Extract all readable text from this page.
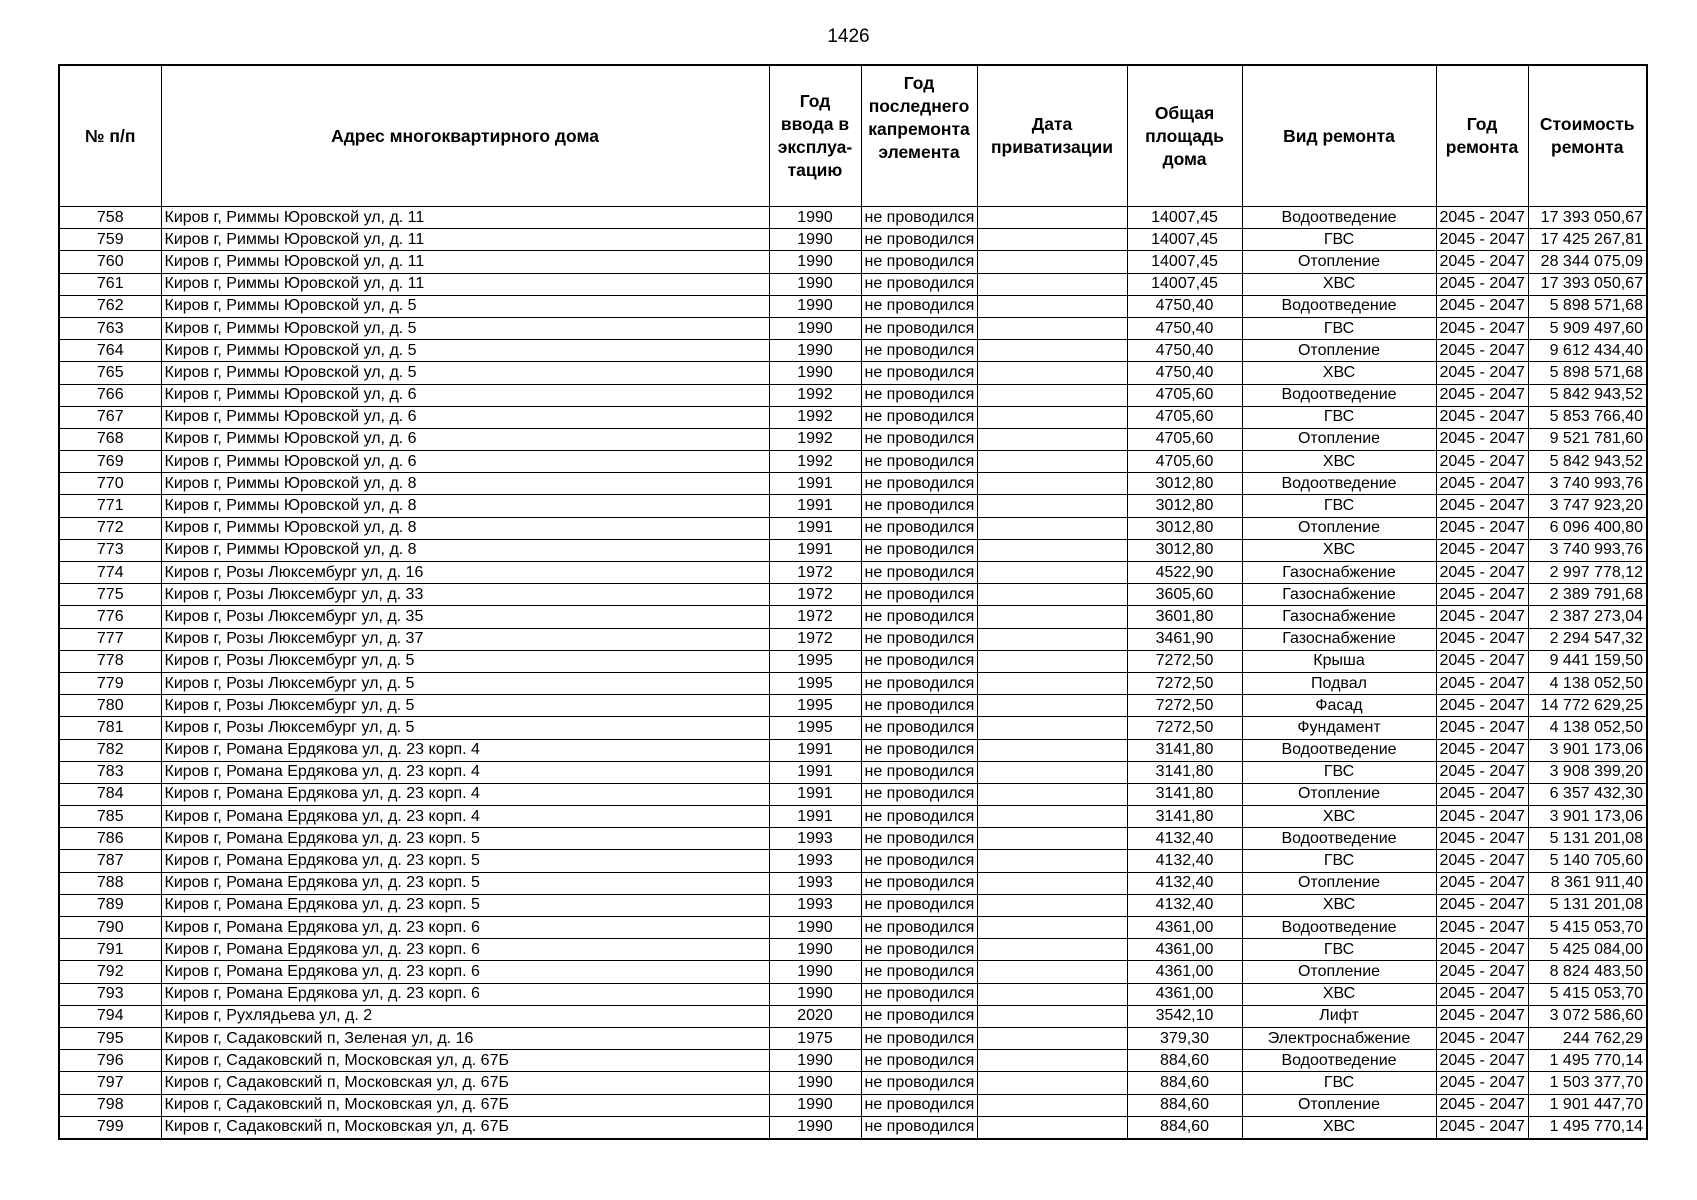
1426
№ п/п	Адрес многоквартирного дома	Год ввода в эксплуа-тацию	Год последнего капремонта элемента	Дата приватизации	Общая площадь дома	Вид ремонта	Год ремонта	Стоимость ремонта
758	Киров г, Риммы Юровской ул, д. 11	1990	не проводился		14007,45	Водоотведение	2045 - 2047	17 393 050,67
759	Киров г, Риммы Юровской ул, д. 11	1990	не проводился		14007,45	ГВС	2045 - 2047	17 425 267,81
760	Киров г, Риммы Юровской ул, д. 11	1990	не проводился		14007,45	Отопление	2045 - 2047	28 344 075,09
761	Киров г, Риммы Юровской ул, д. 11	1990	не проводился		14007,45	ХВС	2045 - 2047	17 393 050,67
762	Киров г, Риммы Юровской ул, д. 5	1990	не проводился		4750,40	Водоотведение	2045 - 2047	5 898 571,68
763	Киров г, Риммы Юровской ул, д. 5	1990	не проводился		4750,40	ГВС	2045 - 2047	5 909 497,60
764	Киров г, Риммы Юровской ул, д. 5	1990	не проводился		4750,40	Отопление	2045 - 2047	9 612 434,40
765	Киров г, Риммы Юровской ул, д. 5	1990	не проводился		4750,40	ХВС	2045 - 2047	5 898 571,68
766	Киров г, Риммы Юровской ул, д. 6	1992	не проводился		4705,60	Водоотведение	2045 - 2047	5 842 943,52
767	Киров г, Риммы Юровской ул, д. 6	1992	не проводился		4705,60	ГВС	2045 - 2047	5 853 766,40
768	Киров г, Риммы Юровской ул, д. 6	1992	не проводился		4705,60	Отопление	2045 - 2047	9 521 781,60
769	Киров г, Риммы Юровской ул, д. 6	1992	не проводился		4705,60	ХВС	2045 - 2047	5 842 943,52
770	Киров г, Риммы Юровской ул, д. 8	1991	не проводился		3012,80	Водоотведение	2045 - 2047	3 740 993,76
771	Киров г, Риммы Юровской ул, д. 8	1991	не проводился		3012,80	ГВС	2045 - 2047	3 747 923,20
772	Киров г, Риммы Юровской ул, д. 8	1991	не проводился		3012,80	Отопление	2045 - 2047	6 096 400,80
773	Киров г, Риммы Юровской ул, д. 8	1991	не проводился		3012,80	ХВС	2045 - 2047	3 740 993,76
774	Киров г, Розы Люксембург ул, д. 16	1972	не проводился		4522,90	Газоснабжение	2045 - 2047	2 997 778,12
775	Киров г, Розы Люксембург ул, д. 33	1972	не проводился		3605,60	Газоснабжение	2045 - 2047	2 389 791,68
776	Киров г, Розы Люксембург ул, д. 35	1972	не проводился		3601,80	Газоснабжение	2045 - 2047	2 387 273,04
777	Киров г, Розы Люксембург ул, д. 37	1972	не проводился		3461,90	Газоснабжение	2045 - 2047	2 294 547,32
778	Киров г, Розы Люксембург ул, д. 5	1995	не проводился		7272,50	Крыша	2045 - 2047	9 441 159,50
779	Киров г, Розы Люксембург ул, д. 5	1995	не проводился		7272,50	Подвал	2045 - 2047	4 138 052,50
780	Киров г, Розы Люксембург ул, д. 5	1995	не проводился		7272,50	Фасад	2045 - 2047	14 772 629,25
781	Киров г, Розы Люксембург ул, д. 5	1995	не проводился		7272,50	Фундамент	2045 - 2047	4 138 052,50
782	Киров г, Романа Ердякова ул, д. 23 корп. 4	1991	не проводился		3141,80	Водоотведение	2045 - 2047	3 901 173,06
783	Киров г, Романа Ердякова ул, д. 23 корп. 4	1991	не проводился		3141,80	ГВС	2045 - 2047	3 908 399,20
784	Киров г, Романа Ердякова ул, д. 23 корп. 4	1991	не проводился		3141,80	Отопление	2045 - 2047	6 357 432,30
785	Киров г, Романа Ердякова ул, д. 23 корп. 4	1991	не проводился		3141,80	ХВС	2045 - 2047	3 901 173,06
786	Киров г, Романа Ердякова ул, д. 23 корп. 5	1993	не проводился		4132,40	Водоотведение	2045 - 2047	5 131 201,08
787	Киров г, Романа Ердякова ул, д. 23 корп. 5	1993	не проводился		4132,40	ГВС	2045 - 2047	5 140 705,60
788	Киров г, Романа Ердякова ул, д. 23 корп. 5	1993	не проводился		4132,40	Отопление	2045 - 2047	8 361 911,40
789	Киров г, Романа Ердякова ул, д. 23 корп. 5	1993	не проводился		4132,40	ХВС	2045 - 2047	5 131 201,08
790	Киров г, Романа Ердякова ул, д. 23 корп. 6	1990	не проводился		4361,00	Водоотведение	2045 - 2047	5 415 053,70
791	Киров г, Романа Ердякова ул, д. 23 корп. 6	1990	не проводился		4361,00	ГВС	2045 - 2047	5 425 084,00
792	Киров г, Романа Ердякова ул, д. 23 корп. 6	1990	не проводился		4361,00	Отопление	2045 - 2047	8 824 483,50
793	Киров г, Романа Ердякова ул, д. 23 корп. 6	1990	не проводился		4361,00	ХВС	2045 - 2047	5 415 053,70
794	Киров г, Рухлядьева ул, д. 2	2020	не проводился		3542,10	Лифт	2045 - 2047	3 072 586,60
795	Киров г, Садаковский п, Зеленая ул, д. 16	1975	не проводился		379,30	Электроснабжение	2045 - 2047	244 762,29
796	Киров г, Садаковский п, Московская ул, д. 67Б	1990	не проводился		884,60	Водоотведение	2045 - 2047	1 495 770,14
797	Киров г, Садаковский п, Московская ул, д. 67Б	1990	не проводился		884,60	ГВС	2045 - 2047	1 503 377,70
798	Киров г, Садаковский п, Московская ул, д. 67Б	1990	не проводился		884,60	Отопление	2045 - 2047	1 901 447,70
799	Киров г, Садаковский п, Московская ул, д. 67Б	1990	не проводился		884,60	ХВС	2045 - 2047	1 495 770,14
